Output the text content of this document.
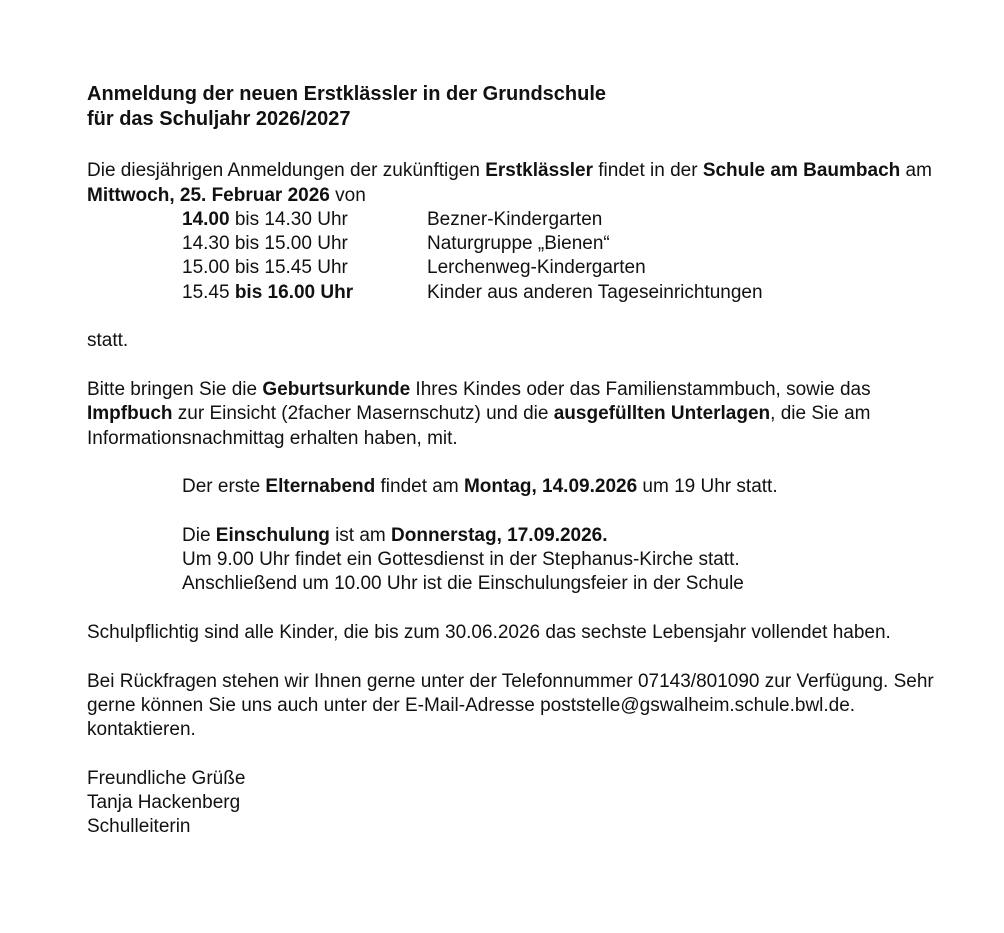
Anmeldung der neuen Erstklässler in der Grundschule
für das Schuljahr 2026/2027

Die diesjährigen Anmeldungen der zukünftigen Erstklässler findet in der Schule am Baumbach am Mittwoch, 25. Februar 2026 von

14.00 bis 14.30 Uhr	Bezner-Kindergarten
14.30 bis 15.00 Uhr	Naturgruppe „Bienen“
15.00 bis 15.45 Uhr	Lerchenweg-Kindergarten
15.45 bis 16.00 Uhr	Kinder aus anderen Tageseinrichtungen

statt.

Bitte bringen Sie die Geburtsurkunde Ihres Kindes oder das Familienstammbuch, sowie das Impfbuch zur Einsicht (2facher Masernschutz) und die ausgefüllten Unterlagen, die Sie am Informationsnachmittag erhalten haben, mit.

Der erste Elternabend findet am Montag, 14.09.2026 um 19 Uhr statt.

Die Einschulung ist am Donnerstag, 17.09.2026.

Um 9.00 Uhr findet ein Gottesdienst in der Stephanus-Kirche statt.

Anschließend um 10.00 Uhr ist die Einschulungsfeier in der Schule

Schulpflichtig sind alle Kinder, die bis zum 30.06.2026 das sechste Lebensjahr vollendet haben.

Bei Rückfragen stehen wir Ihnen gerne unter der Telefonnummer 07143/801090 zur Verfügung. Sehr gerne können Sie uns auch unter der E-Mail-Adresse poststelle@gswalheim.schule.bwl.de. kontaktieren.

Freundliche Grüße

Tanja Hackenberg

Schulleiterin
